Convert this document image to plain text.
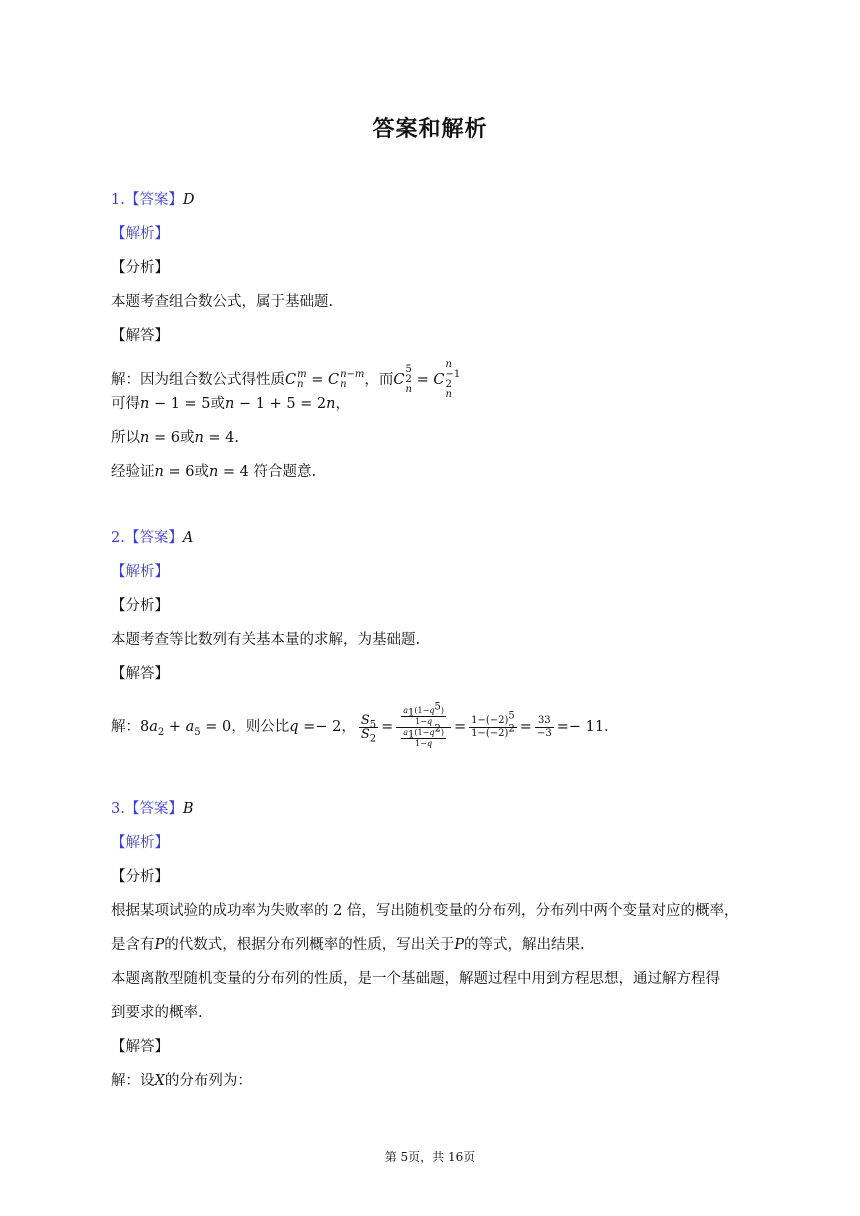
答案和解析
1.【答案】D
【解析】
【分析】
本题考查组合数公式，属于基础题.
【解答】
解：因为组合数公式得性质C m
n = C n−m
n	，而C
5
2
n
= C
n
−1
2
n
可得n − 1 = 5或n − 1 + 5 = 2n，
所以n = 6或n = 4.
经验证n = 6或n = 4 符合题意.
2.【答案】A
【解析】
【分析】
本题考查等比数列有关基本量的求解，为基础题.
【解答】
解：$8a_2 + a_5 = 0$，则公比q =− 2， $\frac{S_5}{S_2} = \frac{\frac{a_1(1-q^5)}{1-q}}{\frac{a_1(1-q^2)}{1-q}} = \frac{1-(-2)^5}{1-(-2)^2} = \frac{33}{-3} =- 11$.
3.【答案】B
【解析】
【分析】
根据某项试验的成功率为失败率的 2 倍，写出随机变量的分布列，分布列中两个变量对应的概率，
是含有P的代数式，根据分布列概率的性质，写出关于P的等式，解出结果.
本题离散型随机变量的分布列的性质，是一个基础题，解题过程中用到方程思想，通过解方程得
到要求的概率.
【解答】
解：设X的分布列为：
第 5页，共 16页
